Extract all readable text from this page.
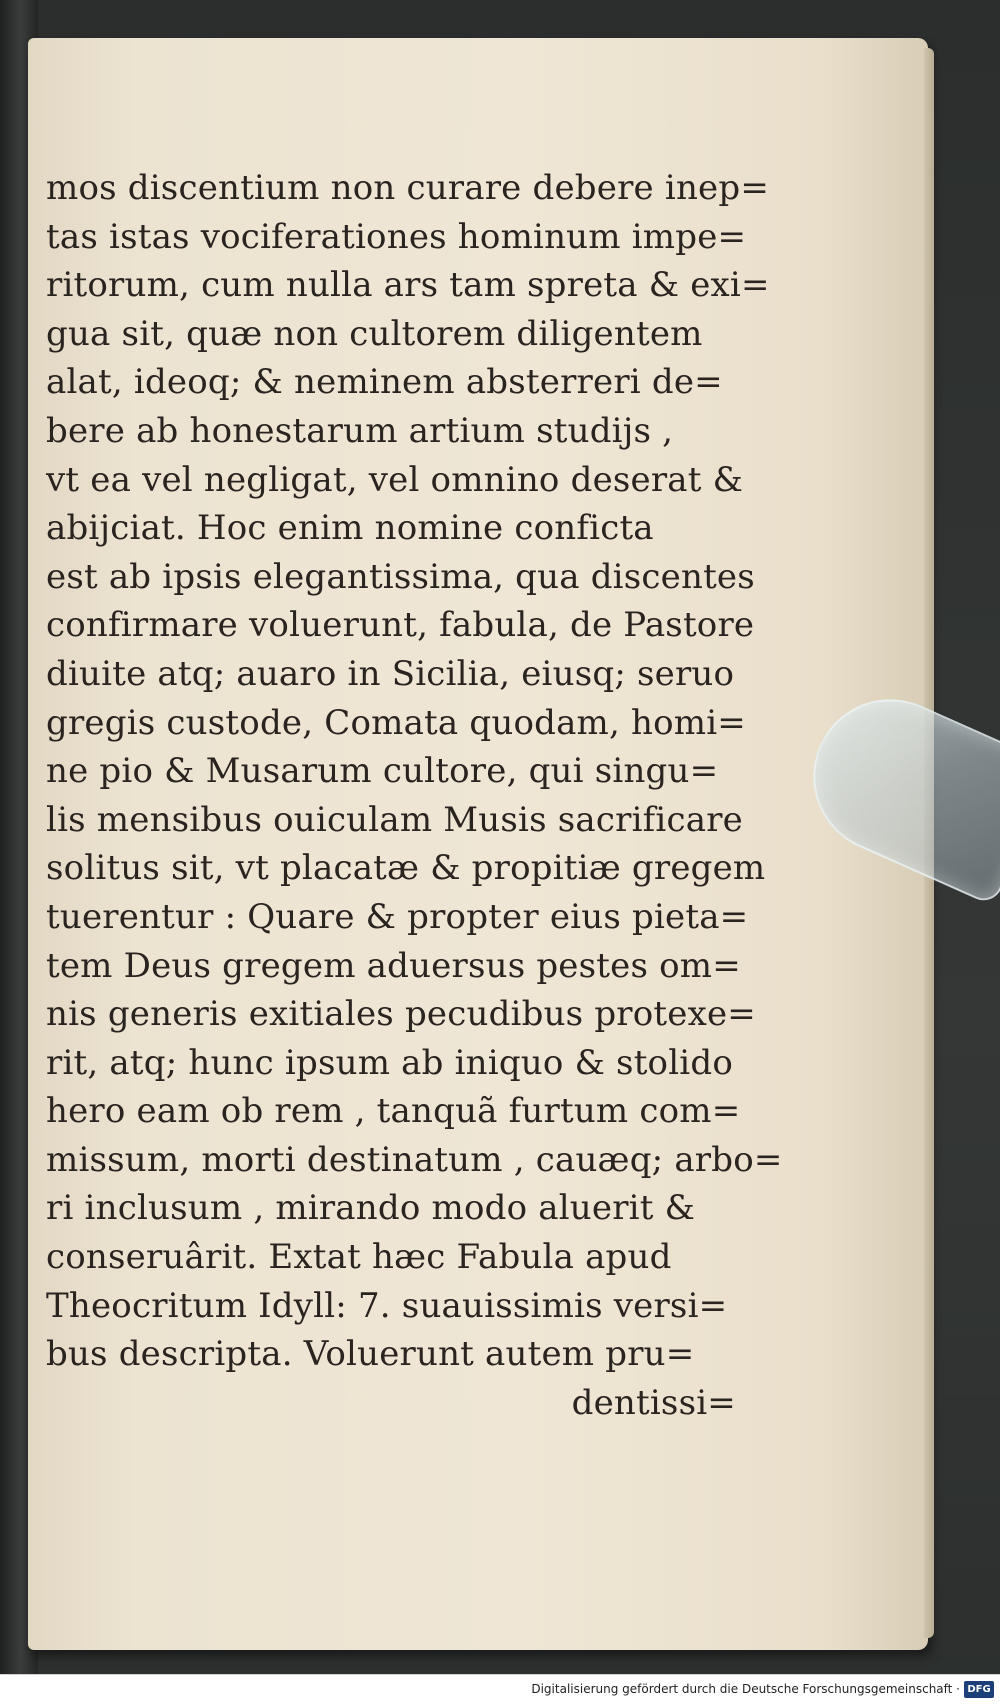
mos discentium non curare debere inep=
tas istas vociferationes hominum impe=
ritorum, cum nulla ars tam spreta & exi=
gua sit, quæ non cultorem diligentem
alat, ideoq; & neminem absterreri de=
bere ab honestarum artium studijs ,
vt ea vel negligat, vel omnino deserat &
abijciat. Hoc enim nomine conficta
est ab ipsis elegantissima, qua discentes
confirmare voluerunt, fabula, de Pastore
diuite atq; auaro in Sicilia, eiusq; seruo
gregis custode, Comata quodam, homi=
ne pio & Musarum cultore, qui singu=
lis mensibus ouiculam Musis sacrificare
solitus sit, vt placatæ & propitiæ gregem
tuerentur : Quare & propter eius pieta=
tem Deus gregem aduersus pestes om=
nis generis exitiales pecudibus protexe=
rit, atq; hunc ipsum ab iniquo & stolido
hero eam ob rem , tanquã furtum com=
missum, morti destinatum , cauæq; arbo=
ri inclusum , mirando modo aluerit &
conseruârit. Extat hæc Fabula apud
Theocritum Idyll: 7. suauissimis versi=
bus descripta. Voluerunt autem pru=
dentissi=
Digitalisierung gefördert durch die Deutsche Forschungsgemeinschaft · DFG
